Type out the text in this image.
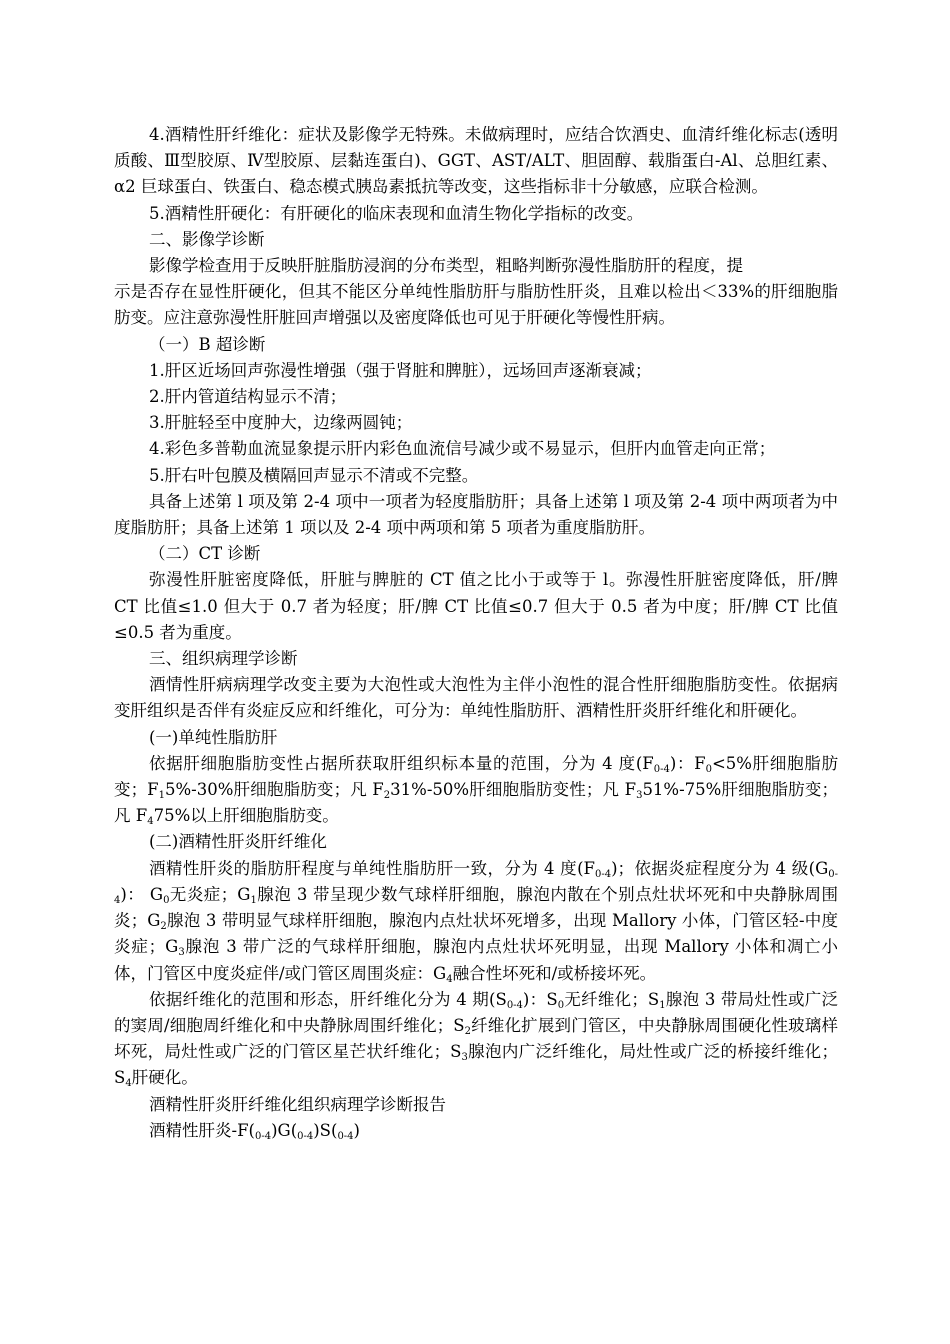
4.酒精性肝纤维化：症状及影像学无特殊。未做病理时，应结合饮酒史、血清纤维化标志(透明质酸、Ⅲ型胶原、Ⅳ型胶原、层黏连蛋白)、GGT、AST/ALT、胆固醇、载脂蛋白-Al、总胆红素、α2 巨球蛋白、铁蛋白、稳态模式胰岛素抵抗等改变，这些指标非十分敏感，应联合检测。

5.酒精性肝硬化：有肝硬化的临床表现和血清生物化学指标的改变。

二、影像学诊断

影像学检查用于反映肝脏脂肪浸润的分布类型，粗略判断弥漫性脂肪肝的程度，提

示是否存在显性肝硬化，但其不能区分单纯性脂肪肝与脂肪性肝炎，且难以检出＜33%的肝细胞脂肪变。应注意弥漫性肝脏回声增强以及密度降低也可见于肝硬化等慢性肝病。

（一）B 超诊断

1.肝区近场回声弥漫性增强（强于肾脏和脾脏），远场回声逐渐衰减；

2.肝内管道结构显示不清；

3.肝脏轻至中度肿大，边缘两圆钝；

4.彩色多普勒血流显象提示肝内彩色血流信号减少或不易显示，但肝内血管走向正常；

5.肝右叶包膜及横隔回声显示不清或不完整。

具备上述第 l 项及第 2-4 项中一项者为轻度脂肪肝；具备上述第 l 项及第 2-4 项中两项者为中度脂肪肝；具备上述第 1 项以及 2-4 项中两项和第 5 项者为重度脂肪肝。

（二）CT 诊断

弥漫性肝脏密度降低，肝脏与脾脏的 CT 值之比小于或等于 l。弥漫性肝脏密度降低，肝/脾 CT 比值≤1.0 但大于 0.7 者为轻度；肝/脾 CT 比值≤0.7 但大于 0.5 者为中度；肝/脾 CT 比值≤0.5 者为重度。

三、组织病理学诊断

酒情性肝病病理学改变主要为大泡性或大泡性为主伴小泡性的混合性肝细胞脂肪变性。依据病变肝组织是否伴有炎症反应和纤维化，可分为：单纯性脂肪肝、酒精性肝炎肝纤维化和肝硬化。

(一)单纯性脂肪肝

依据肝细胞脂肪变性占据所获取肝组织标本量的范围，分为 4 度$(F_{0-4})$：$F_0<5\%$肝细胞脂肪变；$F_15\%-30\%$肝细胞脂肪变；凡 $F_231\%-50\%$肝细胞脂肪变性；凡 $F_351\%-75\%$肝细胞脂肪变；凡 $F_475\%$以上肝细胞脂肪变。

(二)酒精性肝炎肝纤维化

酒精性肝炎的脂肪肝程度与单纯性脂肪肝一致，分为 4 度$(F_{0-4})$；依据炎症程度分为 4 级$(G_{0-4})$： $G_0$无炎症；$G_1$腺泡 3 带呈现少数气球样肝细胞，腺泡内散在个别点灶状坏死和中央静脉周围炎；$G_2$腺泡 3 带明显气球样肝细胞，腺泡内点灶状坏死增多，出现 Mallory 小体，门管区轻-中度炎症；$G_3$腺泡 3 带广泛的气球样肝细胞，腺泡内点灶状坏死明显，出现 Mallory 小体和凋亡小体，门管区中度炎症伴/或门管区周围炎症：$G_4$融合性坏死和/或桥接坏死。

依据纤维化的范围和形态，肝纤维化分为 4 期$(S_{0-4})$：$S_0$无纤维化；$S_1$腺泡 3 带局灶性或广泛的窦周/细胞周纤维化和中央静脉周围纤维化；$S_2$纤维化扩展到门管区，中央静脉周围硬化性玻璃样坏死，局灶性或广泛的门管区星芒状纤维化；$S_3$腺泡内广泛纤维化，局灶性或广泛的桥接纤维化；$S_4$肝硬化。

酒精性肝炎肝纤维化组织病理学诊断报告

酒精性肝炎$-F(_{0-4})G(_{0-4})S(_{0-4})$
